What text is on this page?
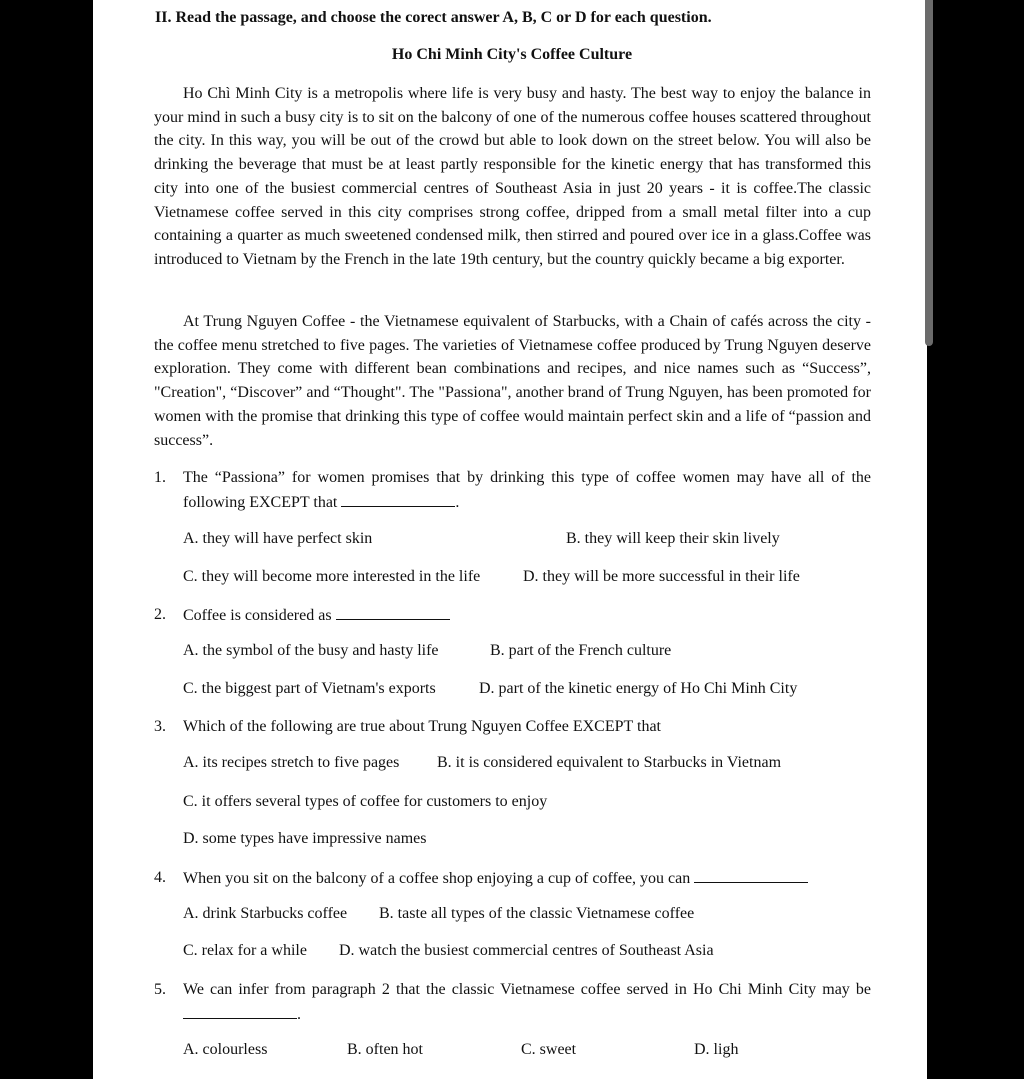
II. Read the passage, and choose the corect answer A, B, C or D for each question.
Ho Chi Minh City's Coffee Culture
Ho Chì Minh City is a metropolis where life is very busy and hasty. The best way to enjoy the balance in your mind in such a busy city is to sit on the balcony of one of the numerous coffee houses scattered throughout the city. In this way, you will be out of the crowd but able to look down on the street below. You will also be drinking the beverage that must be at least partly responsible for the kinetic energy that has transformed this city into one of the busiest commercial centres of Southeast Asia in just 20 years - it is coffee.The classic Vietnamese coffee served in this city comprises strong coffee, dripped from a small metal filter into a cup containing a quarter as much sweetened condensed milk, then stirred and poured over ice in a glass.Coffee was introduced to Vietnam by the French in the late 19th century, but the country quickly became a big exporter.
At Trung Nguyen Coffee - the Vietnamese equivalent of Starbucks, with a Chain of cafés across the city - the coffee menu stretched to five pages. The varieties of Vietnamese coffee produced by Trung Nguyen deserve exploration. They come with different bean combinations and recipes, and nice names such as “Success”, "Creation", “Discover” and “Thought". The "Passiona", another brand of Trung Nguyen, has been promoted for women with the promise that drinking this type of coffee would maintain perfect skin and a life of “passion and success”.
1. The “Passiona” for women promises that by drinking this type of coffee women may have all of the following EXCEPT that	.
A. they will have perfect skin	B. they will keep their skin lively
C. they will become more interested in the life	D. they will be more successful in their life
2. Coffee is considered as
A. the symbol of the busy and hasty life	B. part of the French culture
C. the biggest part of Vietnam's exports	D. part of the kinetic energy of Ho Chi Minh City
3. Which of the following are true about Trung Nguyen Coffee EXCEPT that
A. its recipes stretch to five pages B. it is considered equivalent to Starbucks in Vietnam
C. it offers several types of coffee for customers to enjoy
D. some types have impressive names
4. When you sit on the balcony of a coffee shop enjoying a cup of coffee, you can
A. drink Starbucks coffee B. taste all types of the classic Vietnamese coffee
C. relax for a while D. watch the busiest commercial centres of Southeast Asia
5. We can infer from paragraph 2 that the classic Vietnamese coffee served in Ho Chi Minh City may be .
A. colourless	B. often hot	C. sweet	D. ligh
